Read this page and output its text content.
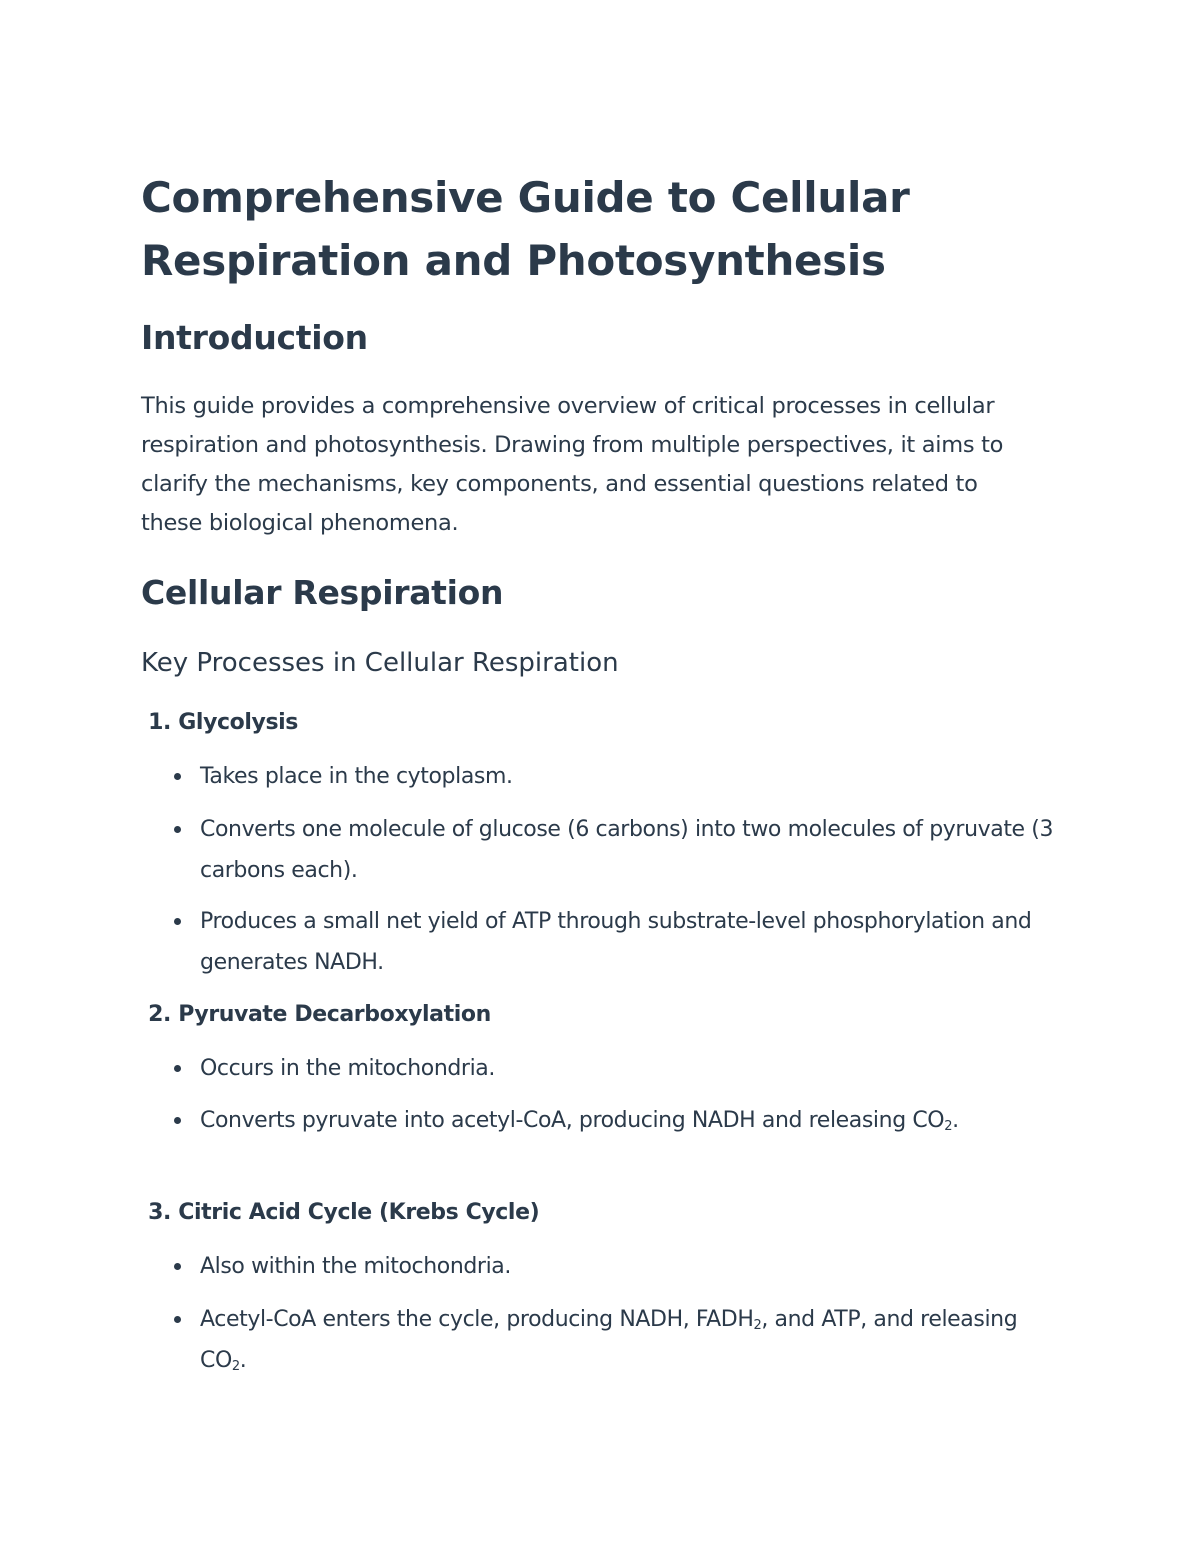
Comprehensive Guide to Cellular Respiration and Photosynthesis
Introduction

This guide provides a comprehensive overview of critical processes in cellular respiration and photosynthesis. Drawing from multiple perspectives, it aims to clarify the mechanisms, key components, and essential questions related to these biological phenomena.

Cellular Respiration
Key Processes in Cellular Respiration
1. Glycolysis

Takes place in the cytoplasm.

Converts one molecule of glucose (6 carbons) into two molecules of pyruvate (3 carbons each).

Produces a small net yield of ATP through substrate-level phosphorylation and generates NADH.

2. Pyruvate Decarboxylation

Occurs in the mitochondria.

Converts pyruvate into acetyl-CoA, producing NADH and releasing $CO_2$.

3. Citric Acid Cycle (Krebs Cycle)

Also within the mitochondria.

Acetyl-CoA enters the cycle, producing NADH, $FADH_2$, and ATP, and releasing $CO_2$.
